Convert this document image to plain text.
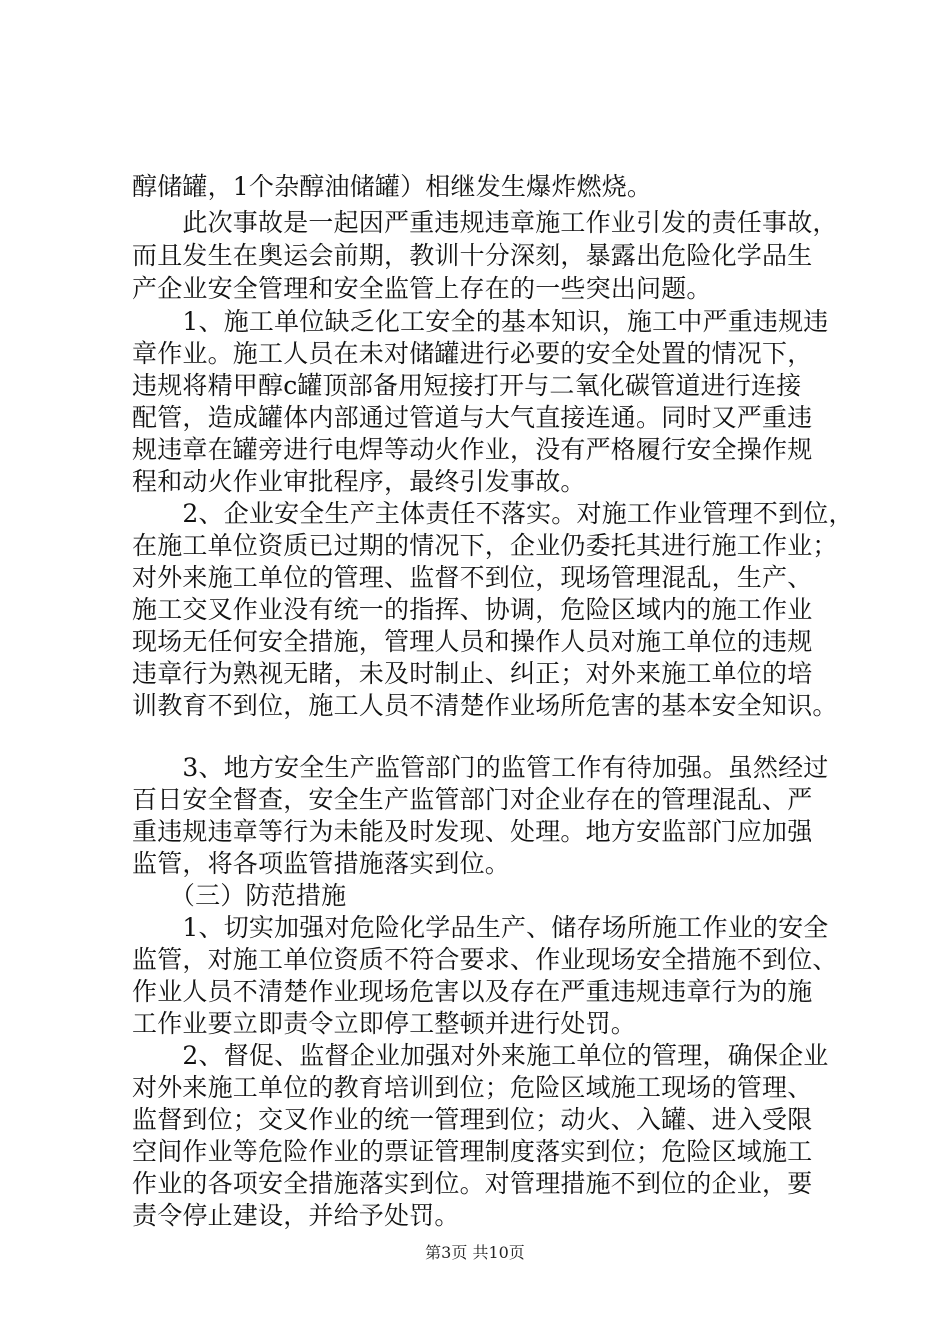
醇储罐，1个杂醇油储罐）相继发生爆炸燃烧。
　　此次事故是一起因严重违规违章施工作业引发的责任事故，
而且发生在奥运会前期，教训十分深刻，暴露出危险化学品生
产企业安全管理和安全监管上存在的一些突出问题。
　　1、施工单位缺乏化工安全的基本知识，施工中严重违规违
章作业。施工人员在未对储罐进行必要的安全处置的情况下，
违规将精甲醇c罐顶部备用短接打开与二氧化碳管道进行连接
配管，造成罐体内部通过管道与大气直接连通。同时又严重违
规违章在罐旁进行电焊等动火作业，没有严格履行安全操作规
程和动火作业审批程序，最终引发事故。
　　2、企业安全生产主体责任不落实。对施工作业管理不到位，
在施工单位资质已过期的情况下，企业仍委托其进行施工作业；
对外来施工单位的管理、监督不到位，现场管理混乱，生产、
施工交叉作业没有统一的指挥、协调，危险区域内的施工作业
现场无任何安全措施，管理人员和操作人员对施工单位的违规
违章行为熟视无睹，未及时制止、纠正；对外来施工单位的培
训教育不到位，施工人员不清楚作业场所危害的基本安全知识。
　　3、地方安全生产监管部门的监管工作有待加强。虽然经过
百日安全督查，安全生产监管部门对企业存在的管理混乱、严
重违规违章等行为未能及时发现、处理。地方安监部门应加强
监管，将各项监管措施落实到位。
　　（三）防范措施
　　1、切实加强对危险化学品生产、储存场所施工作业的安全
监管，对施工单位资质不符合要求、作业现场安全措施不到位、
作业人员不清楚作业现场危害以及存在严重违规违章行为的施
工作业要立即责令立即停工整顿并进行处罚。
　　2、督促、监督企业加强对外来施工单位的管理，确保企业
对外来施工单位的教育培训到位；危险区域施工现场的管理、
监督到位；交叉作业的统一管理到位；动火、入罐、进入受限
空间作业等危险作业的票证管理制度落实到位；危险区域施工
作业的各项安全措施落实到位。对管理措施不到位的企业，要
责令停止建设，并给予处罚。
第3页 共10页
